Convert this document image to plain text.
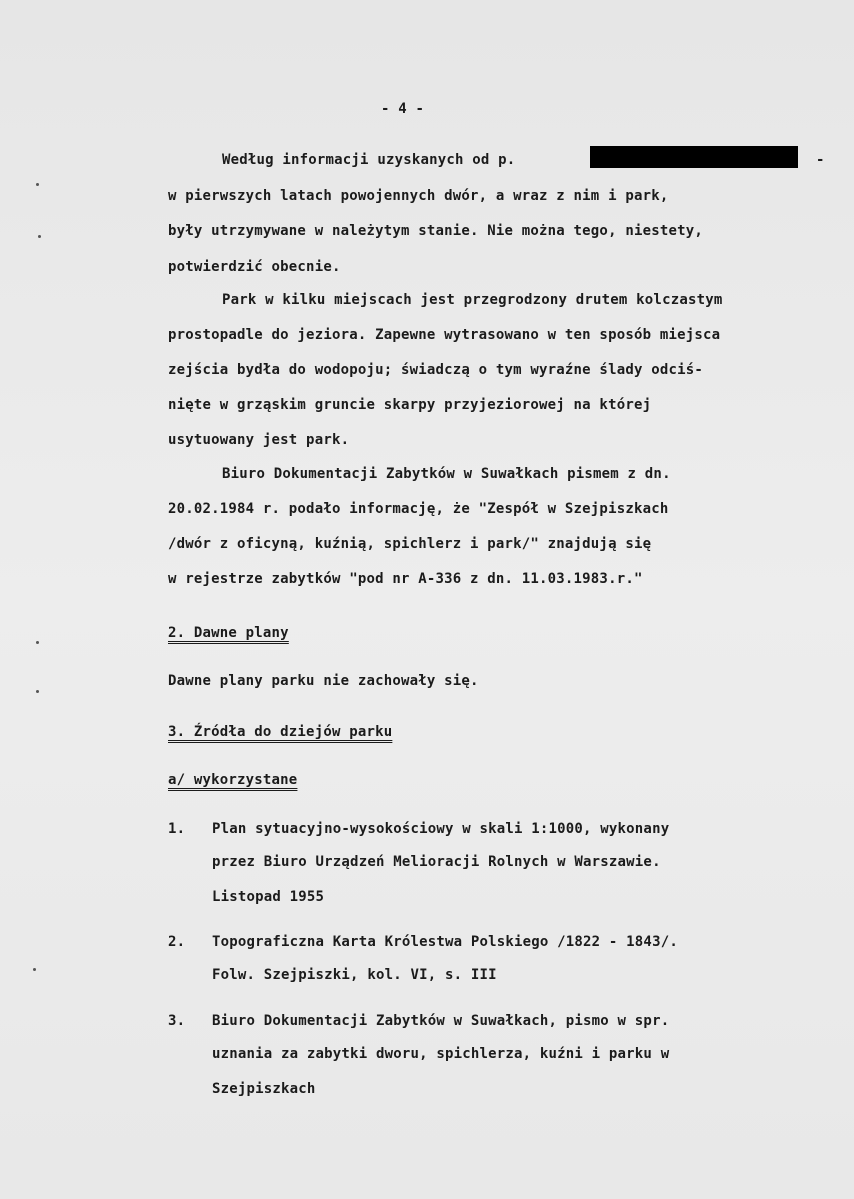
- 4 -
Według informacji uzyskanych od p.	-
w pierwszych latach powojennych dwór, a wraz z nim i park,
były utrzymywane w należytym stanie. Nie można tego, niestety,
potwierdzić obecnie.
Park w kilku miejscach jest przegrodzony drutem kolczastym
prostopadle do jeziora. Zapewne wytrasowano w ten sposób miejsca
zejścia bydła do wodopoju; świadczą o tym wyraźne ślady odciś-
nięte w grząskim gruncie skarpy przyjeziorowej na której
usytuowany jest park.
Biuro Dokumentacji Zabytków w Suwałkach pismem z dn.
20.02.1984 r. podało informację, że "Zespół w Szejpiszkach
/dwór z oficyną, kuźnią, spichlerz i park/" znajdują się
w rejestrze zabytków "pod nr A-336 z dn. 11.03.1983.r."
2. Dawne plany
Dawne plany parku nie zachowały się.
3. Źródła do dziejów parku
a/ wykorzystane
1. Plan sytuacyjno-wysokościowy w skali 1:1000, wykonany
przez Biuro Urządzeń Melioracji Rolnych w Warszawie.
Listopad 1955
2. Topograficzna Karta Królestwa Polskiego /1822 - 1843/.
Folw. Szejpiszki, kol. VI, s. III
3. Biuro Dokumentacji Zabytków w Suwałkach, pismo w spr.
uznania za zabytki dworu, spichlerza, kuźni i parku w
Szejpiszkach
